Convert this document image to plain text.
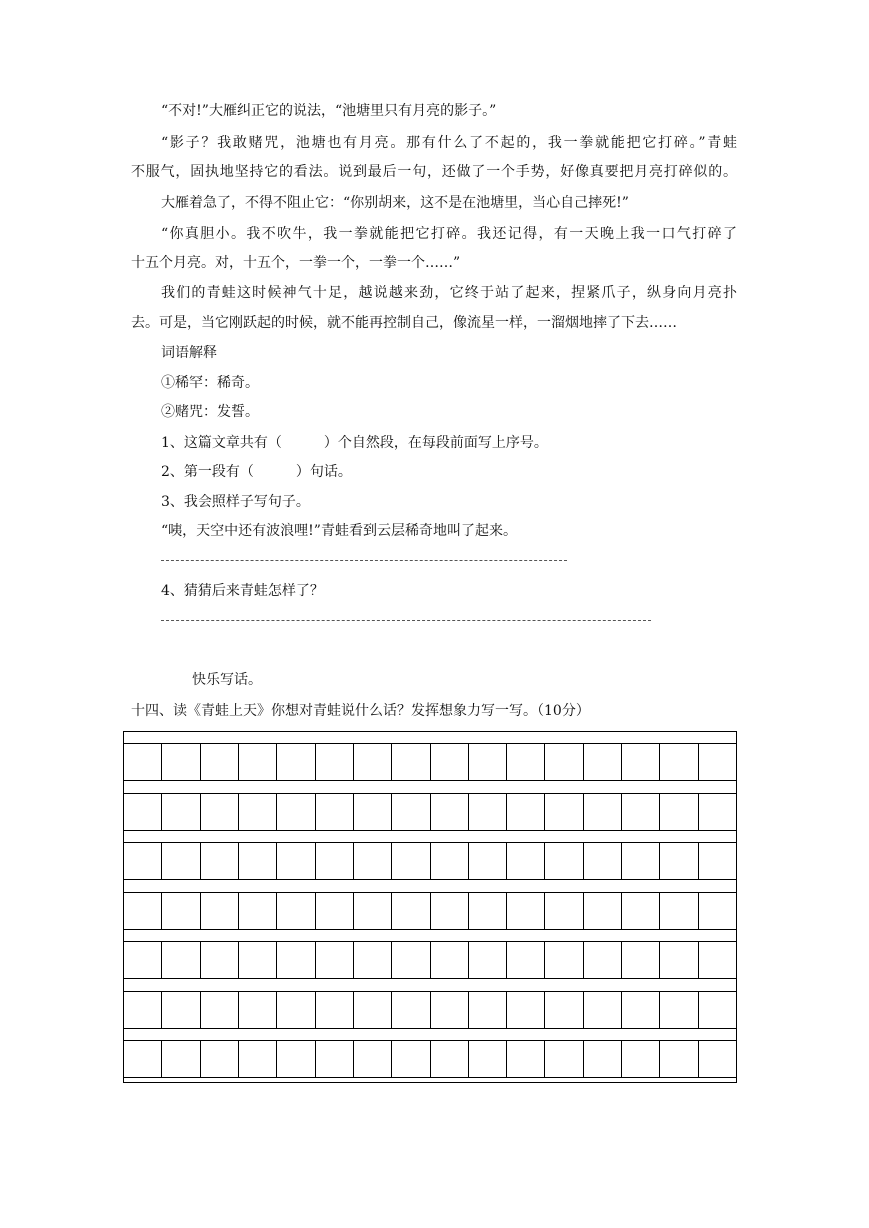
“不对!”大雁纠正它的说法，“池塘里只有月亮的影子。”
“影子？我敢赌咒，池塘也有月亮。那有什么了不起的，我一拳就能把它打碎。”青蛙
不服气，固执地坚持它的看法。说到最后一句，还做了一个手势，好像真要把月亮打碎似的。
大雁着急了，不得不阻止它：“你别胡来，这不是在池塘里，当心自己摔死!”
“你真胆小。我不吹牛，我一拳就能把它打碎。我还记得，有一天晚上我一口气打碎了
十五个月亮。对，十五个，一拳一个，一拳一个……”
我们的青蛙这时候神气十足，越说越来劲，它终于站了起来，捏紧爪子，纵身向月亮扑
去。可是，当它刚跃起的时候，就不能再控制自己，像流星一样，一溜烟地摔了下去……
词语解释
①稀罕：稀奇。
②赌咒：发誓。
1、这篇文章共有（　　　）个自然段，在每段前面写上序号。
2、第一段有（　　　）句话。
3、我会照样子写句子。
“咦，天空中还有波浪哩!”青蛙看到云层稀奇地叫了起来。
4、猜猜后来青蛙怎样了？
快乐写话。
十四、读《青蛙上天》你想对青蛙说什么话？发挥想象力写一写。（10分）
